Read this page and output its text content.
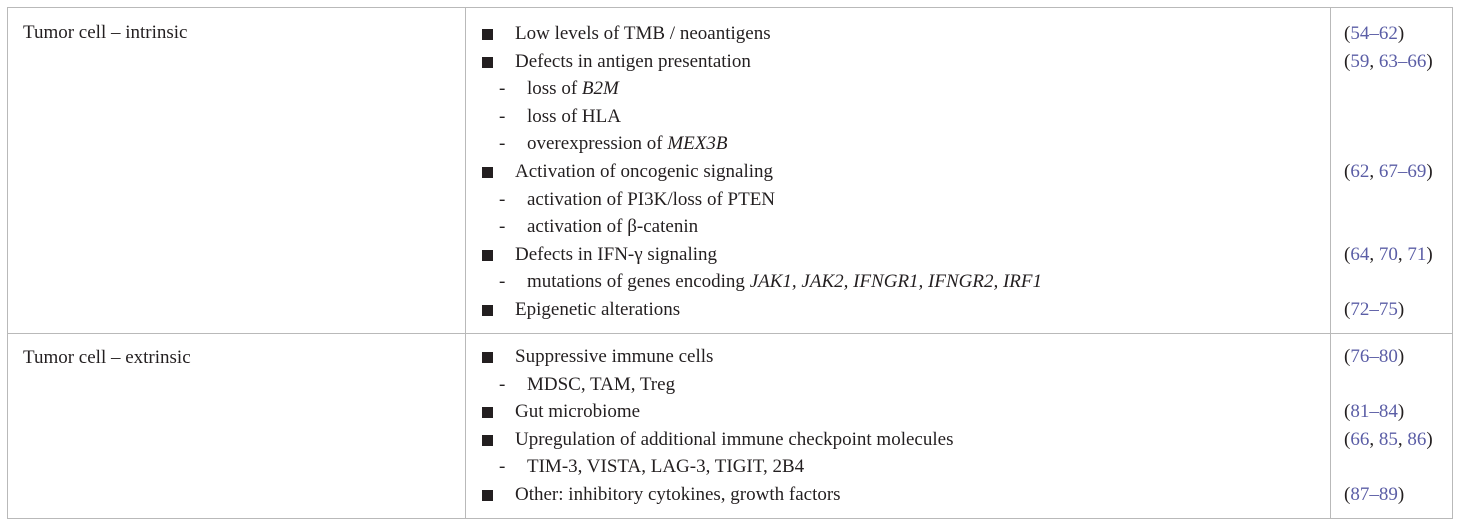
Tumor cell – intrinsic	Low levels of TMB / neoantigens	(54–62)
Defects in antigen presentation	(59, 63–66)
- loss of B2M
- loss of HLA
- overexpression of MEX3B
Activation of oncogenic signaling	(62, 67–69)
- activation of PI3K/loss of PTEN
- activation of β-catenin
Defects in IFN-γ signaling	(64, 70, 71)
- mutations of genes encoding JAK1, JAK2, IFNGR1, IFNGR2, IRF1
Epigenetic alterations	(72–75)
Tumor cell – extrinsic	Suppressive immune cells	(76–80)
- MDSC, TAM, Treg
Gut microbiome	(81–84)
Upregulation of additional immune checkpoint molecules	(66, 85, 86)
- TIM-3, VISTA, LAG-3, TIGIT, 2B4
Other: inhibitory cytokines, growth factors	(87–89)
